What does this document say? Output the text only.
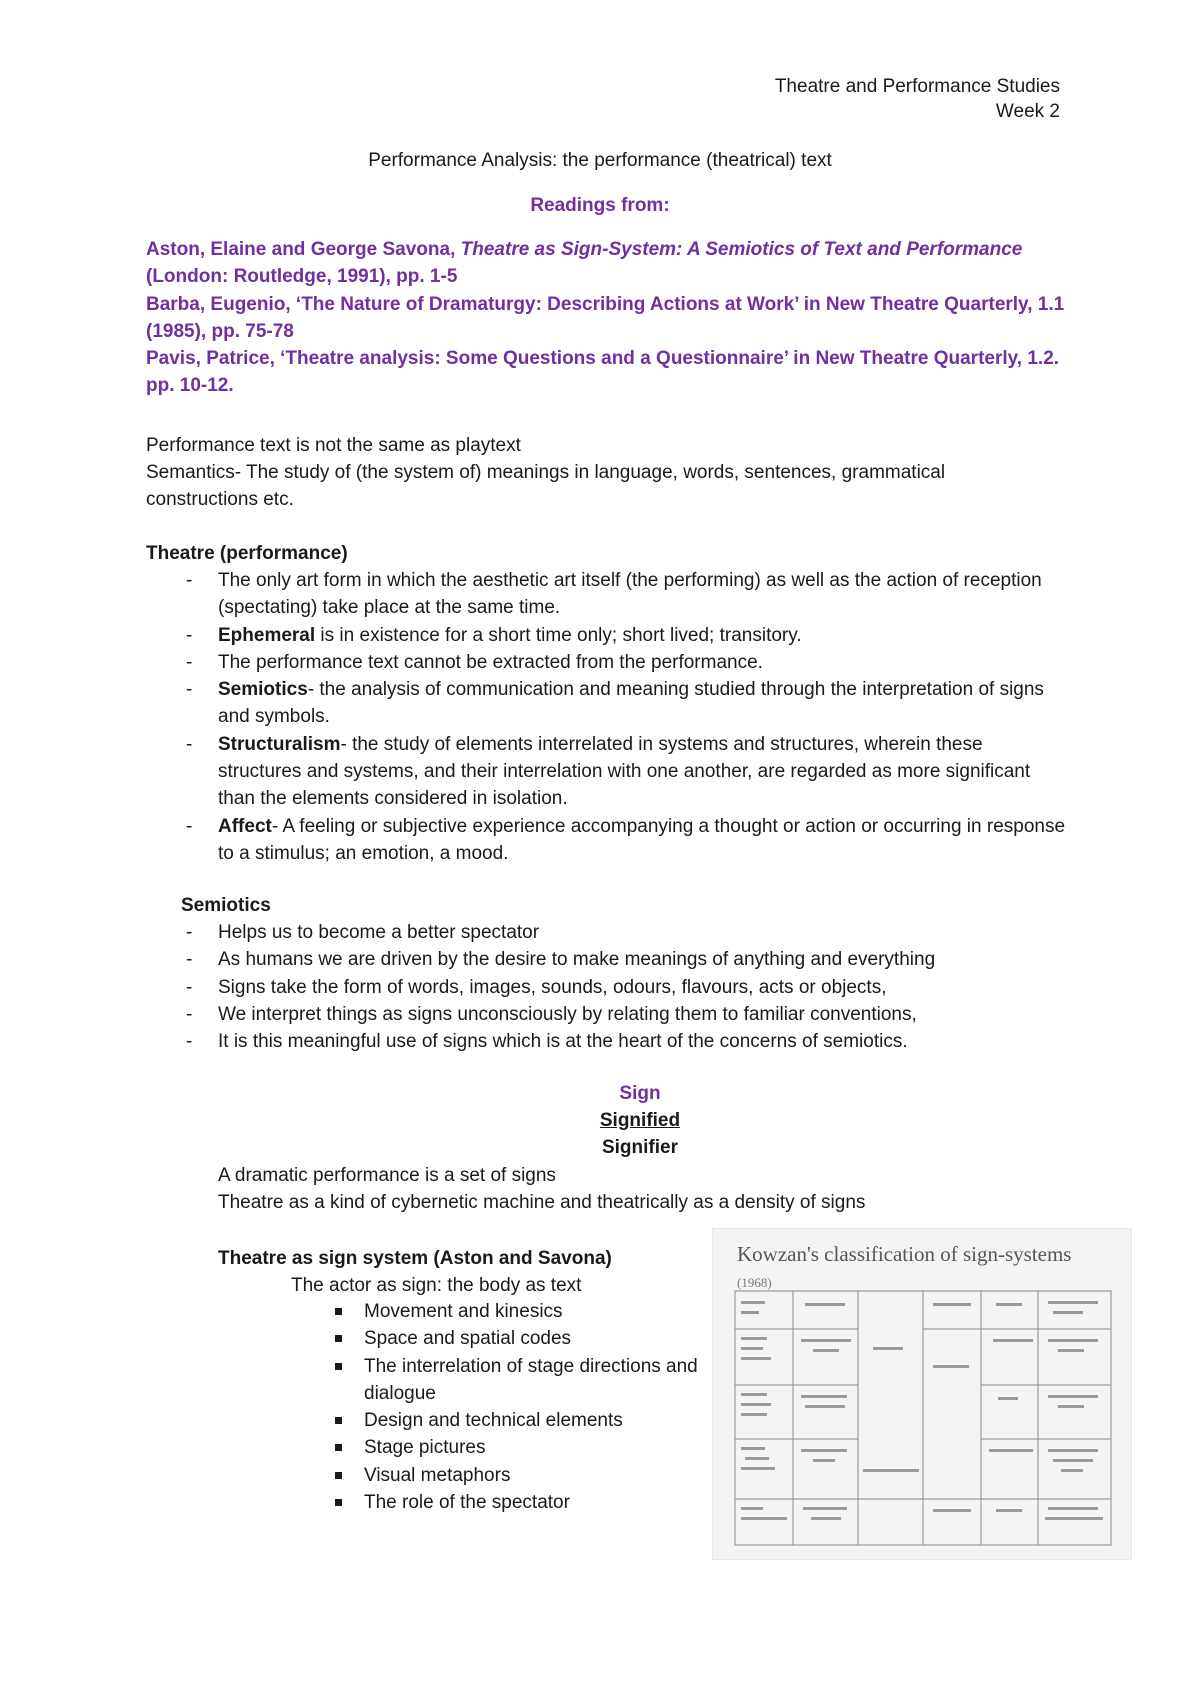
Theatre and Performance Studies
Week 2
Performance Analysis: the performance (theatrical) text
Readings from:
Aston, Elaine and George Savona, Theatre as Sign-System: A Semiotics of Text and Performance (London: Routledge, 1991), pp. 1-5
Barba, Eugenio, ‘The Nature of Dramaturgy: Describing Actions at Work’ in New Theatre Quarterly, 1.1 (1985), pp. 75-78
Pavis, Patrice, ‘Theatre analysis: Some Questions and a Questionnaire’ in New Theatre Quarterly, 1.2. pp. 10-12.
Performance text is not the same as playtext
Semantics- The study of (the system of) meanings in language, words, sentences, grammatical constructions etc.
Theatre (performance)
- The only art form in which the aesthetic art itself (the performing) as well as the action of reception (spectating) take place at the same time.
- Ephemeral is in existence for a short time only; short lived; transitory.
- The performance text cannot be extracted from the performance.
- Semiotics- the analysis of communication and meaning studied through the interpretation of signs and symbols.
- Structuralism- the study of elements interrelated in systems and structures, wherein these structures and systems, and their interrelation with one another, are regarded as more significant than the elements considered in isolation.
- Affect- A feeling or subjective experience accompanying a thought or action or occurring in response to a stimulus; an emotion, a mood.
Semiotics
- Helps us to become a better spectator
- As humans we are driven by the desire to make meanings of anything and everything
- Signs take the form of words, images, sounds, odours, flavours, acts or objects,
- We interpret things as signs unconsciously by relating them to familiar conventions,
- It is this meaningful use of signs which is at the heart of the concerns of semiotics.
Sign
Signified
Signifier
A dramatic performance is a set of signs
Theatre as a kind of cybernetic machine and theatrically as a density of signs
Theatre as sign system (Aston and Savona)
The actor as sign: the body as text
Movement and kinesics
Space and spatial codes
The interrelation of stage directions and dialogue
Design and technical elements
Stage pictures
Visual metaphors
The role of the spectator
Kowzan's classification of sign-systems
(1968)
